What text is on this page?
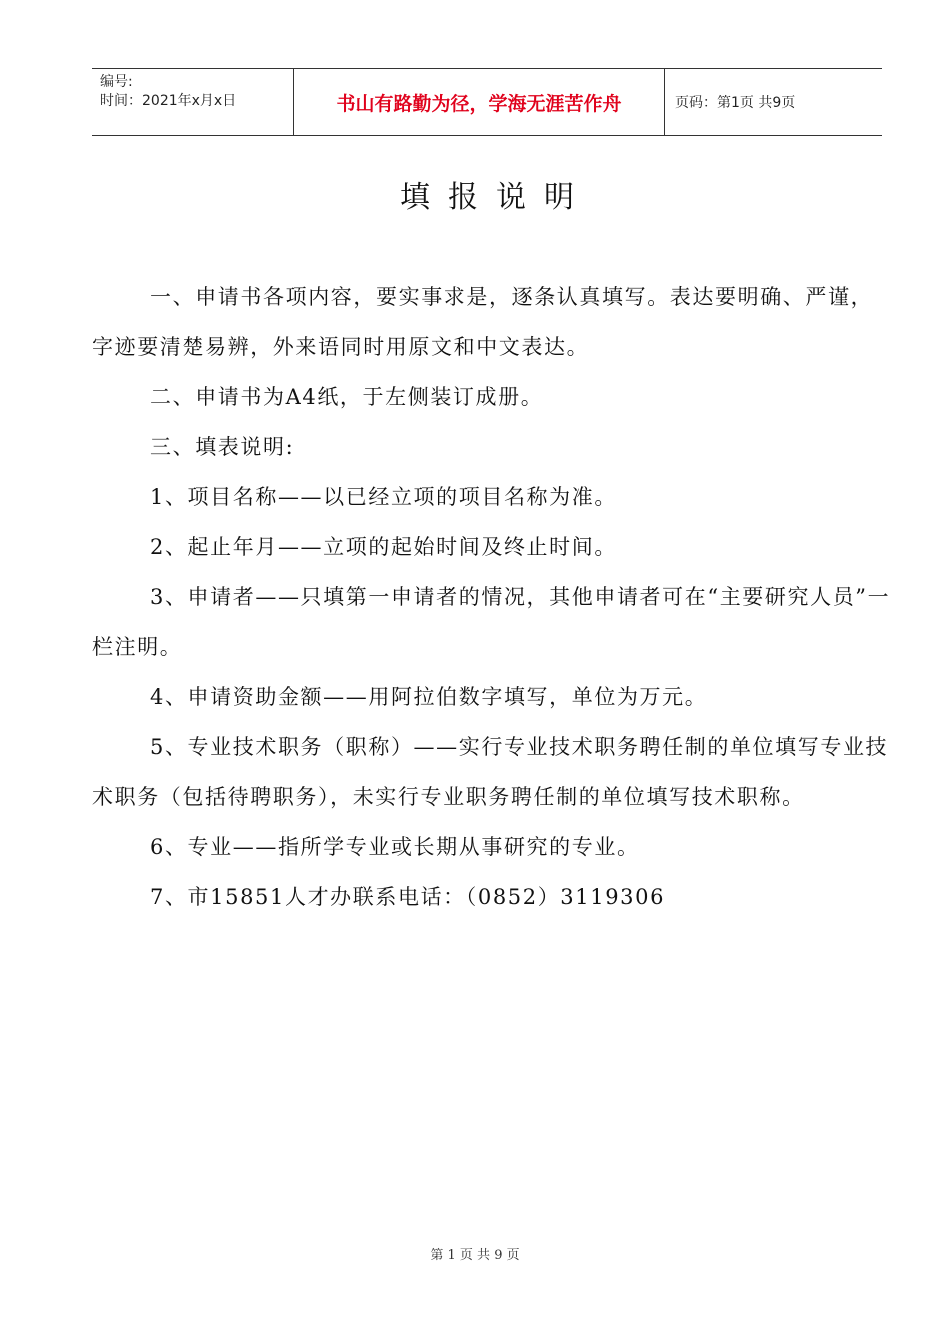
编号:
时间：2021年x月x日	书山有路勤为径，学海无涯苦作舟	页码：第1页 共9页
填报说明

一、申请书各项内容，要实事求是，逐条认真填写。表达要明确、严谨，字迹要清楚易辨，外来语同时用原文和中文表达。

二、申请书为A4纸，于左侧装订成册。

三、填表说明:

1、项目名称——以已经立项的项目名称为准。

2、起止年月——立项的起始时间及终止时间。

3、申请者——只填第一申请者的情况，其他申请者可在“主要研究人员”一栏注明。

4、申请资助金额——用阿拉伯数字填写，单位为万元。

5、专业技术职务（职称）——实行专业技术职务聘任制的单位填写专业技术职务（包括待聘职务），未实行专业职务聘任制的单位填写技术职称。

6、专业——指所学专业或长期从事研究的专业。

7、市15851人才办联系电话：（0852）3119306

第 1 页 共 9 页
